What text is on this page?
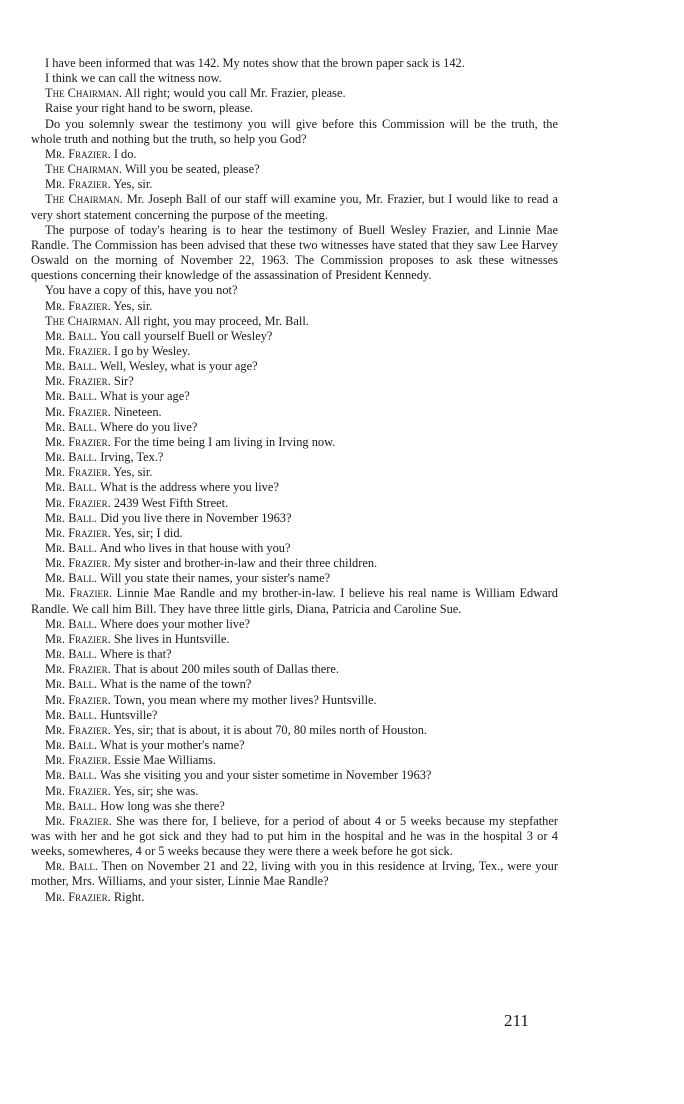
I have been informed that was 142. My notes show that the brown paper sack is 142.

I think we can call the witness now.

The Chairman. All right; would you call Mr. Frazier, please.

Raise your right hand to be sworn, please.

Do you solemnly swear the testimony you will give before this Commission will be the truth, the whole truth and nothing but the truth, so help you God?

Mr. Frazier. I do.

The Chairman. Will you be seated, please?

Mr. Frazier. Yes, sir.

The Chairman. Mr. Joseph Ball of our staff will examine you, Mr. Frazier, but I would like to read a very short statement concerning the purpose of the meeting.

The purpose of today's hearing is to hear the testimony of Buell Wesley Frazier, and Linnie Mae Randle. The Commission has been advised that these two witnesses have stated that they saw Lee Harvey Oswald on the morning of November 22, 1963. The Commission proposes to ask these witnesses questions concerning their knowledge of the assassination of President Kennedy.

You have a copy of this, have you not?

Mr. Frazier. Yes, sir.

The Chairman. All right, you may proceed, Mr. Ball.

Mr. Ball. You call yourself Buell or Wesley?

Mr. Frazier. I go by Wesley.

Mr. Ball. Well, Wesley, what is your age?

Mr. Frazier. Sir?

Mr. Ball. What is your age?

Mr. Frazier. Nineteen.

Mr. Ball. Where do you live?

Mr. Frazier. For the time being I am living in Irving now.

Mr. Ball. Irving, Tex.?

Mr. Frazier. Yes, sir.

Mr. Ball. What is the address where you live?

Mr. Frazier. 2439 West Fifth Street.

Mr. Ball. Did you live there in November 1963?

Mr. Frazier. Yes, sir; I did.

Mr. Ball. And who lives in that house with you?

Mr. Frazier. My sister and brother-in-law and their three children.

Mr. Ball. Will you state their names, your sister's name?

Mr. Frazier. Linnie Mae Randle and my brother-in-law. I believe his real name is William Edward Randle. We call him Bill. They have three little girls, Diana, Patricia and Caroline Sue.

Mr. Ball. Where does your mother live?

Mr. Frazier. She lives in Huntsville.

Mr. Ball. Where is that?

Mr. Frazier. That is about 200 miles south of Dallas there.

Mr. Ball. What is the name of the town?

Mr. Frazier. Town, you mean where my mother lives? Huntsville.

Mr. Ball. Huntsville?

Mr. Frazier. Yes, sir; that is about, it is about 70, 80 miles north of Houston.

Mr. Ball. What is your mother's name?

Mr. Frazier. Essie Mae Williams.

Mr. Ball. Was she visiting you and your sister sometime in November 1963?

Mr. Frazier. Yes, sir; she was.

Mr. Ball. How long was she there?

Mr. Frazier. She was there for, I believe, for a period of about 4 or 5 weeks because my stepfather was with her and he got sick and they had to put him in the hospital and he was in the hospital 3 or 4 weeks, somewheres, 4 or 5 weeks because they were there a week before he got sick.

Mr. Ball. Then on November 21 and 22, living with you in this residence at Irving, Tex., were your mother, Mrs. Williams, and your sister, Linnie Mae Randle?

Mr. Frazier. Right.

211
